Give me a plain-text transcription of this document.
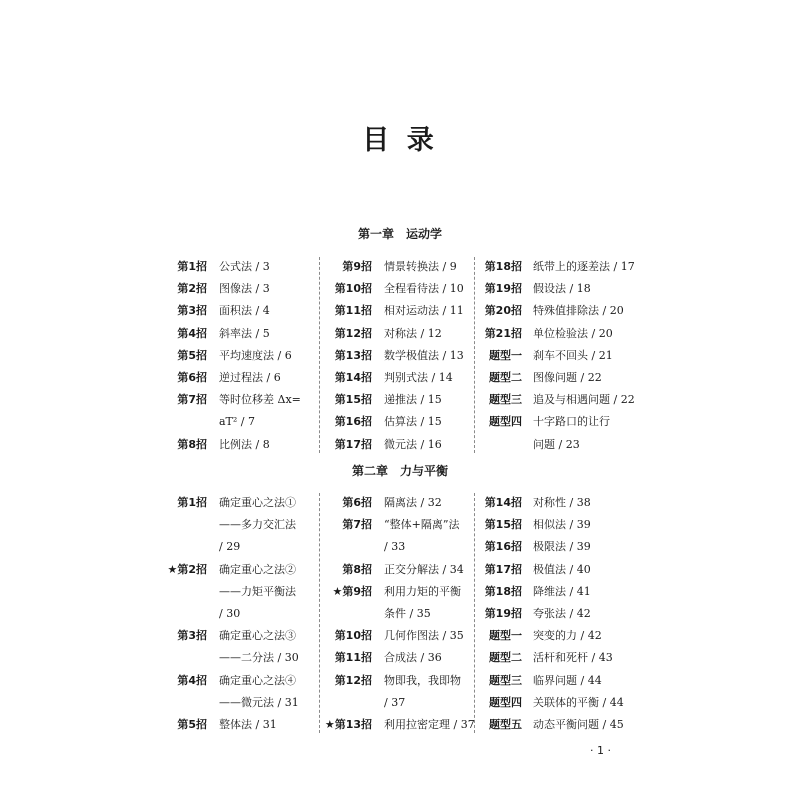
目 录
第一章　运动学
第1招 公式法 / 3
第2招 图像法 / 3
第3招 面积法 / 4
第4招 斜率法 / 5
第5招 平均速度法 / 6
第6招 逆过程法 / 6
第7招 等时位移差 Δx=
aT² / 7
第8招 比例法 / 8
第9招 情景转换法 / 9
第10招 全程看待法 / 10
第11招 相对运动法 / 11
第12招 对称法 / 12
第13招 数学极值法 / 13
第14招 判别式法 / 14
第15招 递推法 / 15
第16招 估算法 / 15
第17招 微元法 / 16
第18招 纸带上的逐差法 / 17
第19招 假设法 / 18
第20招 特殊值排除法 / 20
第21招 单位检验法 / 20
题型一 刹车不回头 / 21
题型二 图像问题 / 22
题型三 追及与相遇问题 / 22
题型四 十字路口的让行
问题 / 23
第二章　力与平衡
第1招 确定重心之法①
——多力交汇法
/ 29
★第2招 确定重心之法②
——力矩平衡法
/ 30
第3招 确定重心之法③
——二分法 / 30
第4招 确定重心之法④
——微元法 / 31
第5招 整体法 / 31
第6招 隔离法 / 32
第7招 “整体+隔离”法
/ 33
第8招 正交分解法 / 34
★第9招 利用力矩的平衡
条件 / 35
第10招 几何作图法 / 35
第11招 合成法 / 36
第12招 物即我，我即物
/ 37
★第13招 利用拉密定理 / 37
第14招 对称性 / 38
第15招 相似法 / 39
第16招 极限法 / 39
第17招 极值法 / 40
第18招 降维法 / 41
第19招 夸张法 / 42
题型一 突变的力 / 42
题型二 活杆和死杆 / 43
题型三 临界问题 / 44
题型四 关联体的平衡 / 44
题型五 动态平衡问题 / 45
· 1 ·
